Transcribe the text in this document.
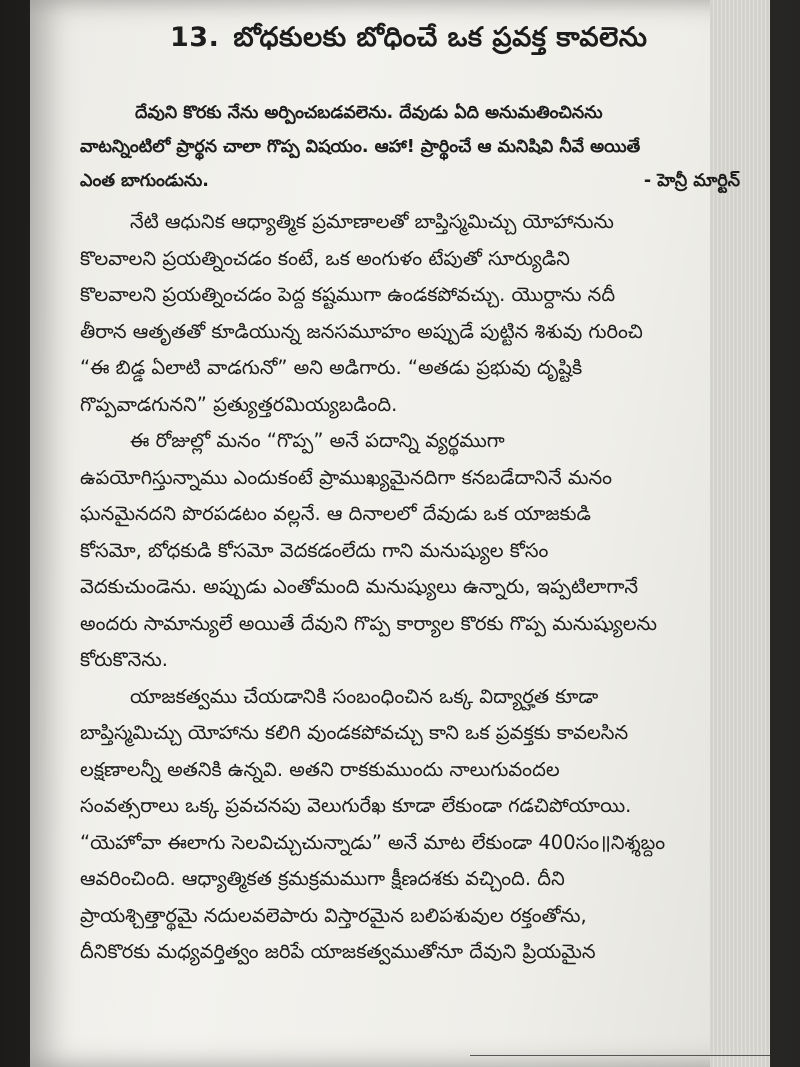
13. బోధకులకు బోధించే ఒక ప్రవక్త కావలెను
దేవుని కొరకు నేను అర్పించబడవలెను. దేవుడు ఏది అనుమతించినను
వాటన్నింటిలో ప్రార్థన చాలా గొప్ప విషయం. ఆహా! ప్రార్థించే ఆ మనిషివి నీవే అయితే
ఎంత బాగుండును.	- హెన్రీ మార్టిన్
నేటి ఆధునిక ఆధ్యాత్మిక ప్రమాణాలతో బాప్తిస్మమిచ్చు యోహానును
కొలవాలని ప్రయత్నించడం కంటే, ఒక అంగుళం టేపుతో సూర్యుడిని
కొలవాలని ప్రయత్నించడం పెద్ద కష్టముగా ఉండకపోవచ్చు. యొర్దాను నదీ
తీరాన ఆతృతతో కూడియున్న జనసమూహం అప్పుడే పుట్టిన శిశువు గురించి
“ఈ బిడ్డ ఏలాటి వాడగునో” అని అడిగారు. “అతడు ప్రభువు దృష్టికి
గొప్పవాడగునని” ప్రత్యుత్తరమియ్యబడింది.
ఈ రోజుల్లో మనం “గొప్ప” అనే పదాన్ని వ్యర్థముగా
ఉపయోగిస్తున్నాము ఎందుకంటే ప్రాముఖ్యమైనదిగా కనబడేదానినే మనం
ఘనమైనదని పొరపడటం వల్లనే. ఆ దినాలలో దేవుడు ఒక యాజకుడి
కోసమో, బోధకుడి కోసమో వెదకడంలేదు గాని మనుష్యుల కోసం
వెదకుచుండెను. అప్పుడు ఎంతోమంది మనుష్యులు ఉన్నారు, ఇప్పటిలాగానే
అందరు సామాన్యులే అయితే దేవుని గొప్ప కార్యాల కొరకు గొప్ప మనుష్యులను
కోరుకొనెను.
యాజకత్వము చేయడానికి సంబంధించిన ఒక్క విద్యార్హత కూడా
బాప్తిస్మమిచ్చు యోహాను కలిగి వుండకపోవచ్చు కాని ఒక ప్రవక్తకు కావలసిన
లక్షణాలన్నీ అతనికి ఉన్నవి. అతని రాకకుముందు నాలుగువందల
సంవత్సరాలు ఒక్క ప్రవచనపు వెలుగురేఖ కూడా లేకుండా గడచిపోయాయి.
“యెహోవా ఈలాగు సెలవిచ్చుచున్నాడు” అనే మాట లేకుండా 400సం॥నిశ్శబ్దం
ఆవరించింది. ఆధ్యాత్మికత క్రమక్రమముగా క్షీణదశకు వచ్చింది. దీని
ప్రాయశ్చిత్తార్థమై నదులవలెపారు విస్తారమైన బలిపశువుల రక్తంతోను,
దీనికొరకు మధ్యవర్తిత్వం జరిపే యాజకత్వముతోనూ దేవుని ప్రియమైన
